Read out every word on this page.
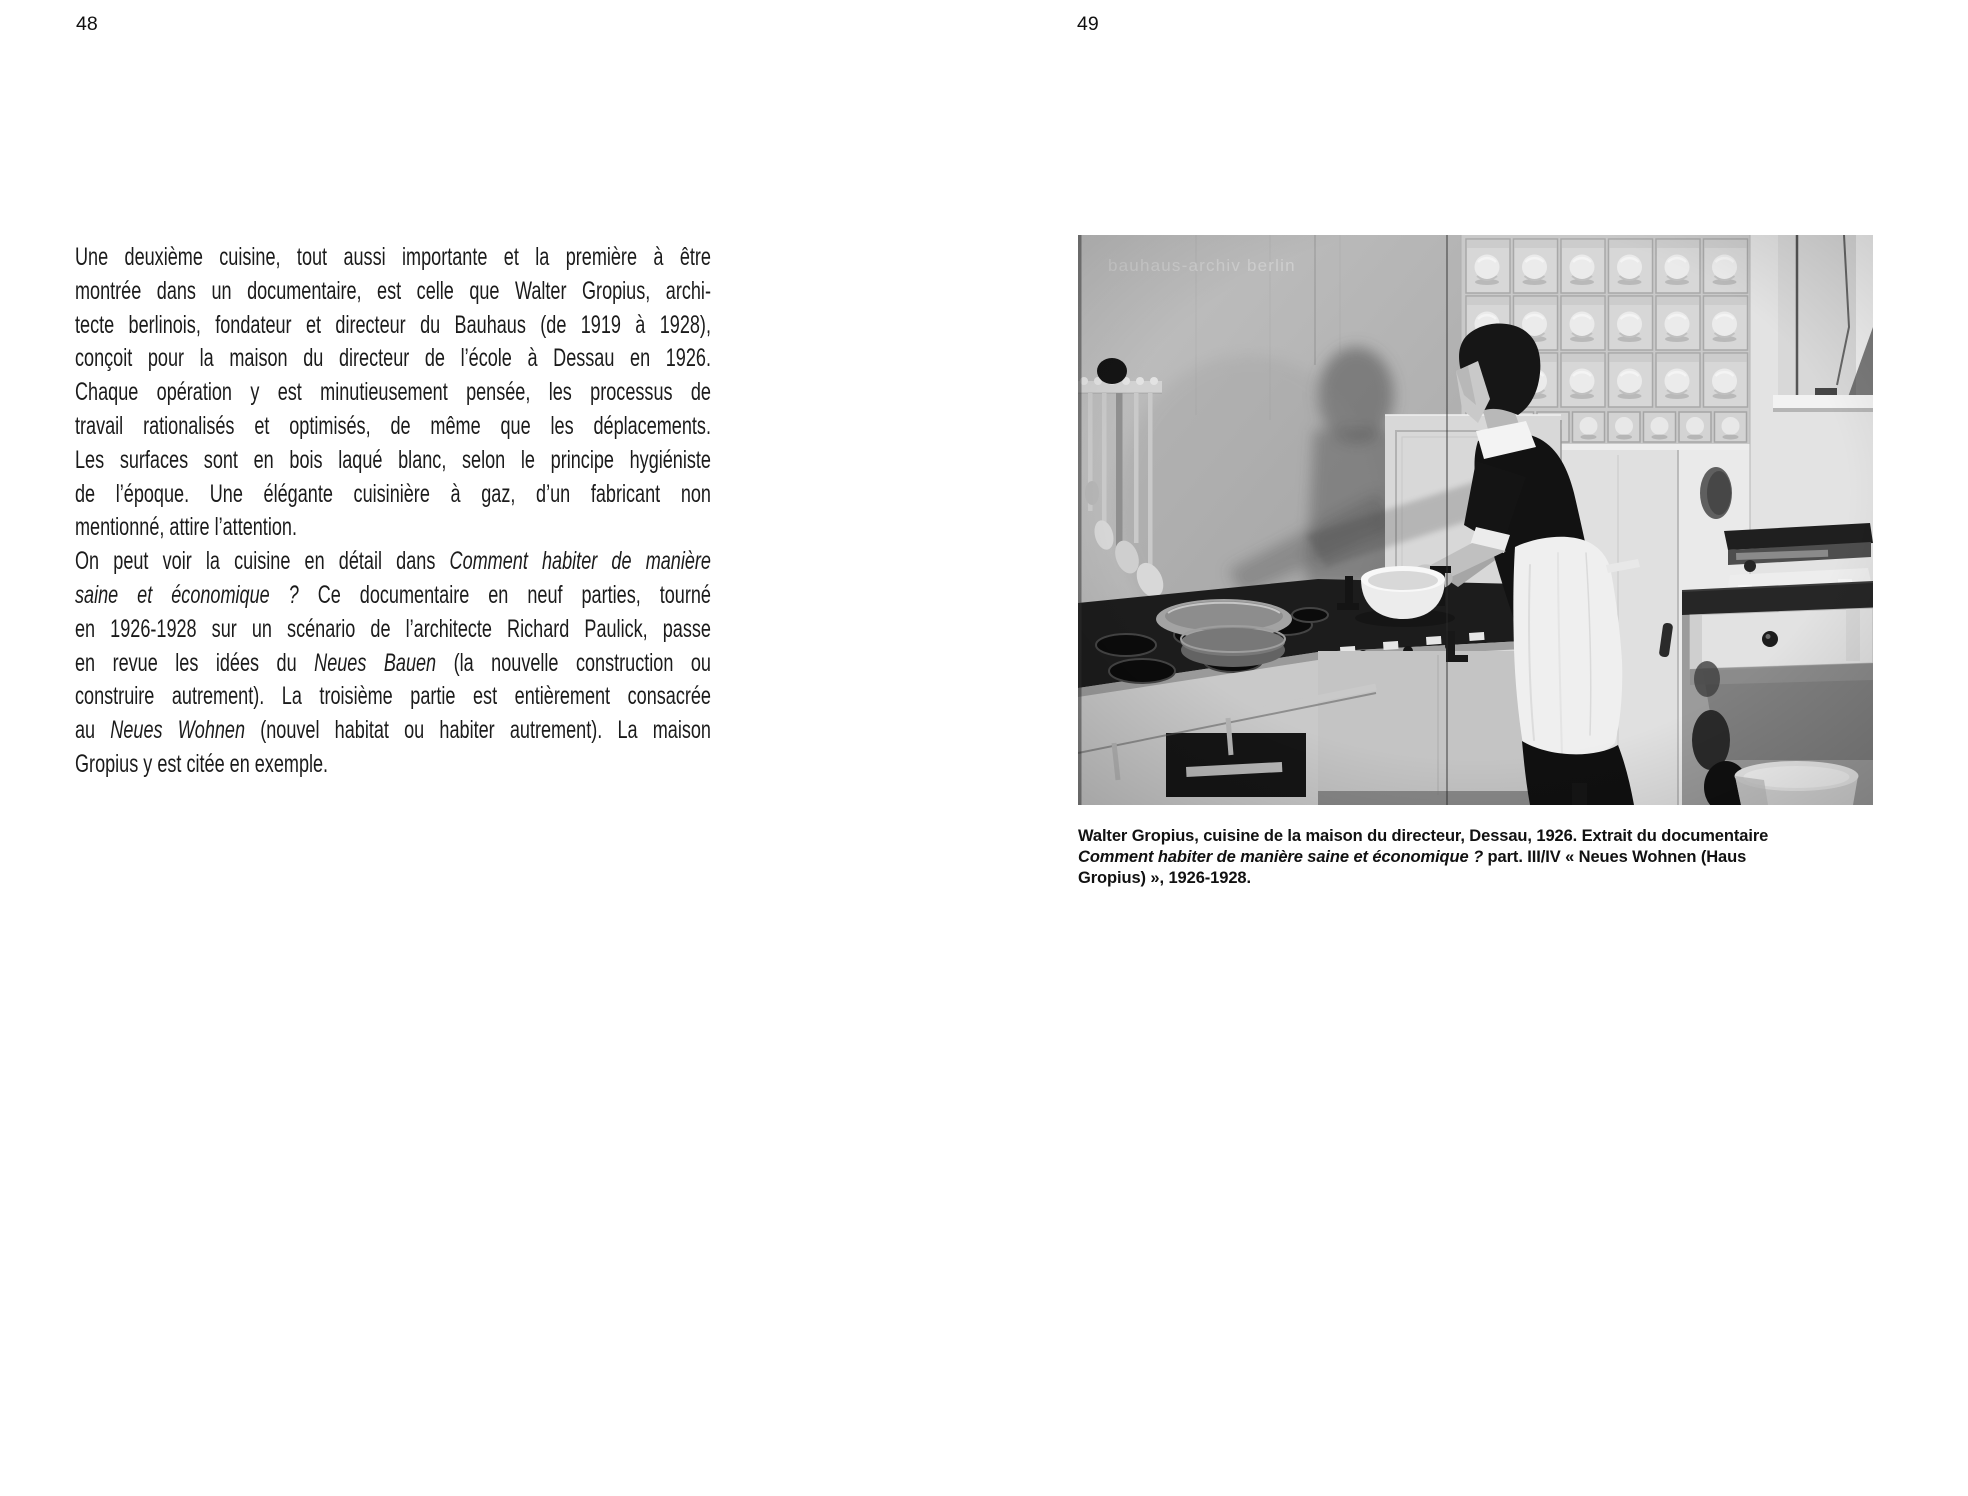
48	49
Une deuxième cuisine, tout aussi importante et la première à être
montrée dans un documentaire, est celle que Walter Gropius, archi-
tecte berlinois, fondateur et directeur du Bauhaus (de 1919 à 1928),
conçoit pour la maison du directeur de l’école à Dessau en 1926.
Chaque opération y est minutieusement pensée, les processus de
travail rationalisés et optimisés, de même que les déplacements.
Les surfaces sont en bois laqué blanc, selon le principe hygiéniste
de l’époque. Une élégante cuisinière à gaz, d’un fabricant non
mentionné, attire l’attention.
On peut voir la cuisine en détail dans Comment habiter de manière
saine et économique ? Ce documentaire en neuf parties, tourné
en 1926-1928 sur un scénario de l’architecte Richard Paulick, passe
en revue les idées du Neues Bauen (la nouvelle construction ou
construire autrement). La troisième partie est entièrement consacrée
au Neues Wohnen (nouvel habitat ou habiter autrement). La maison
Gropius y est citée en exemple.
Walter Gropius, cuisine de la maison du directeur, Dessau, 1926. Extrait du documentaire
Comment habiter de manière saine et économique ? part. III/IV « Neues Wohnen (Haus
Gropius) », 1926-1928.
